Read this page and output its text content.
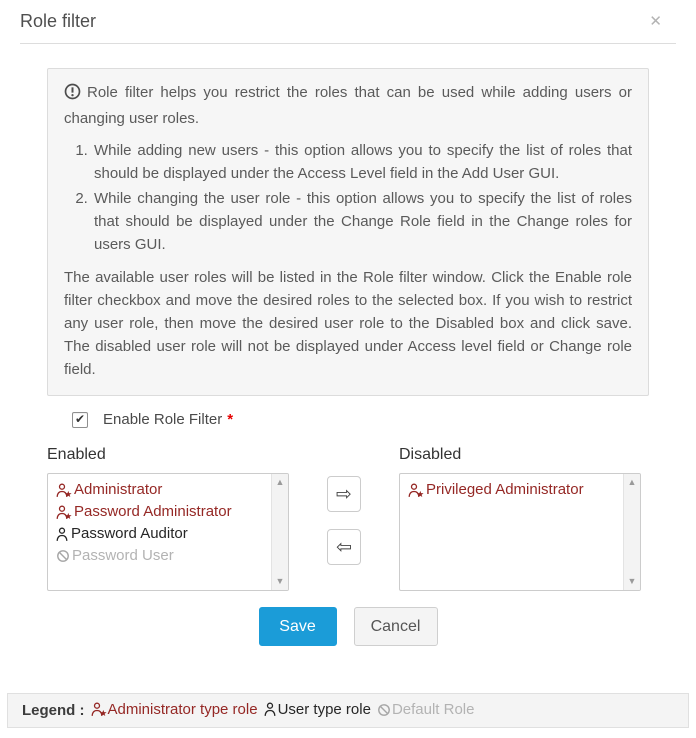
Role filter	✕

Role filter helps you restrict the roles that can be used while adding users or changing user roles.

1. While adding new users - this option allows you to specify the list of roles that should be displayed under the Access Level field in the Add User GUI.
2. While changing the user role - this option allows you to specify the list of roles that should be displayed under the Change Role field in the Change roles for users GUI.

The available user roles will be listed in the Role filter window. Click the Enable role filter checkbox and move the desired roles to the selected box. If you wish to restrict any user role, then move the desired user role to the Disabled box and click save. The disabled user role will not be displayed under Access level field or Change role field.

✔ Enable Role Filter *
Enabled
Administrator
Password Administrator
Password Auditor
Password User
▲
▼
⇨
⇦
Disabled
Privileged Administrator	▲
▼
Save	Cancel
Legend : Administrator type role User type role Default Role
